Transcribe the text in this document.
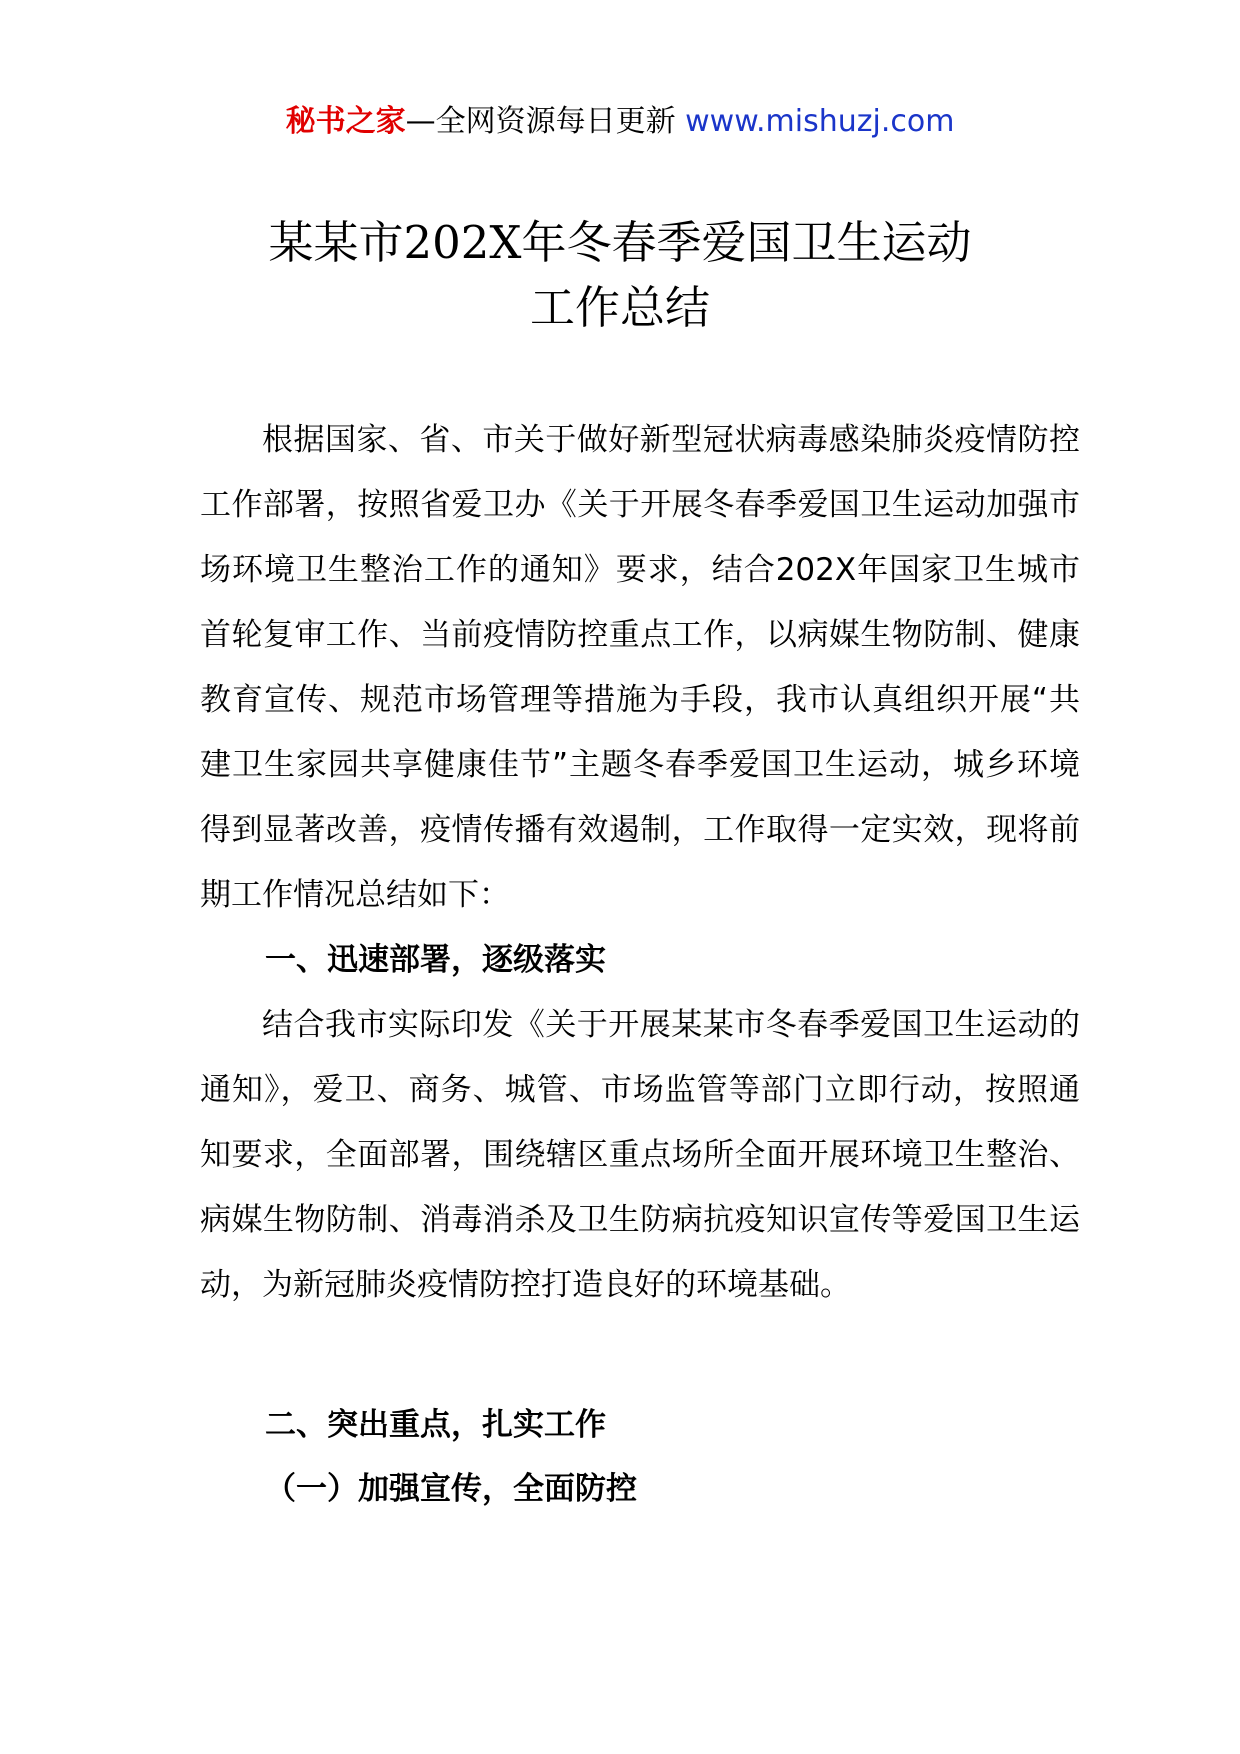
秘书之家—全网资源每日更新 www.mishuzj.com
某某市202X年冬春季爱国卫生运动
工作总结

根据国家、省、市关于做好新型冠状病毒感染肺炎疫情防控工作部署，按照省爱卫办《关于开展冬春季爱国卫生运动加强市场环境卫生整治工作的通知》要求，结合202X年国家卫生城市首轮复审工作、当前疫情防控重点工作，以病媒生物防制、健康教育宣传、规范市场管理等措施为手段，我市认真组织开展“共建卫生家园共享健康佳节”主题冬春季爱国卫生运动，城乡环境得到显著改善，疫情传播有效遏制，工作取得一定实效，现将前期工作情况总结如下：

一、迅速部署，逐级落实

结合我市实际印发《关于开展某某市冬春季爱国卫生运动的通知》，爱卫、商务、城管、市场监管等部门立即行动，按照通知要求，全面部署，围绕辖区重点场所全面开展环境卫生整治、病媒生物防制、消毒消杀及卫生防病抗疫知识宣传等爱国卫生运动，为新冠肺炎疫情防控打造良好的环境基础。

二、突出重点，扎实工作

（一）加强宣传，全面防控
